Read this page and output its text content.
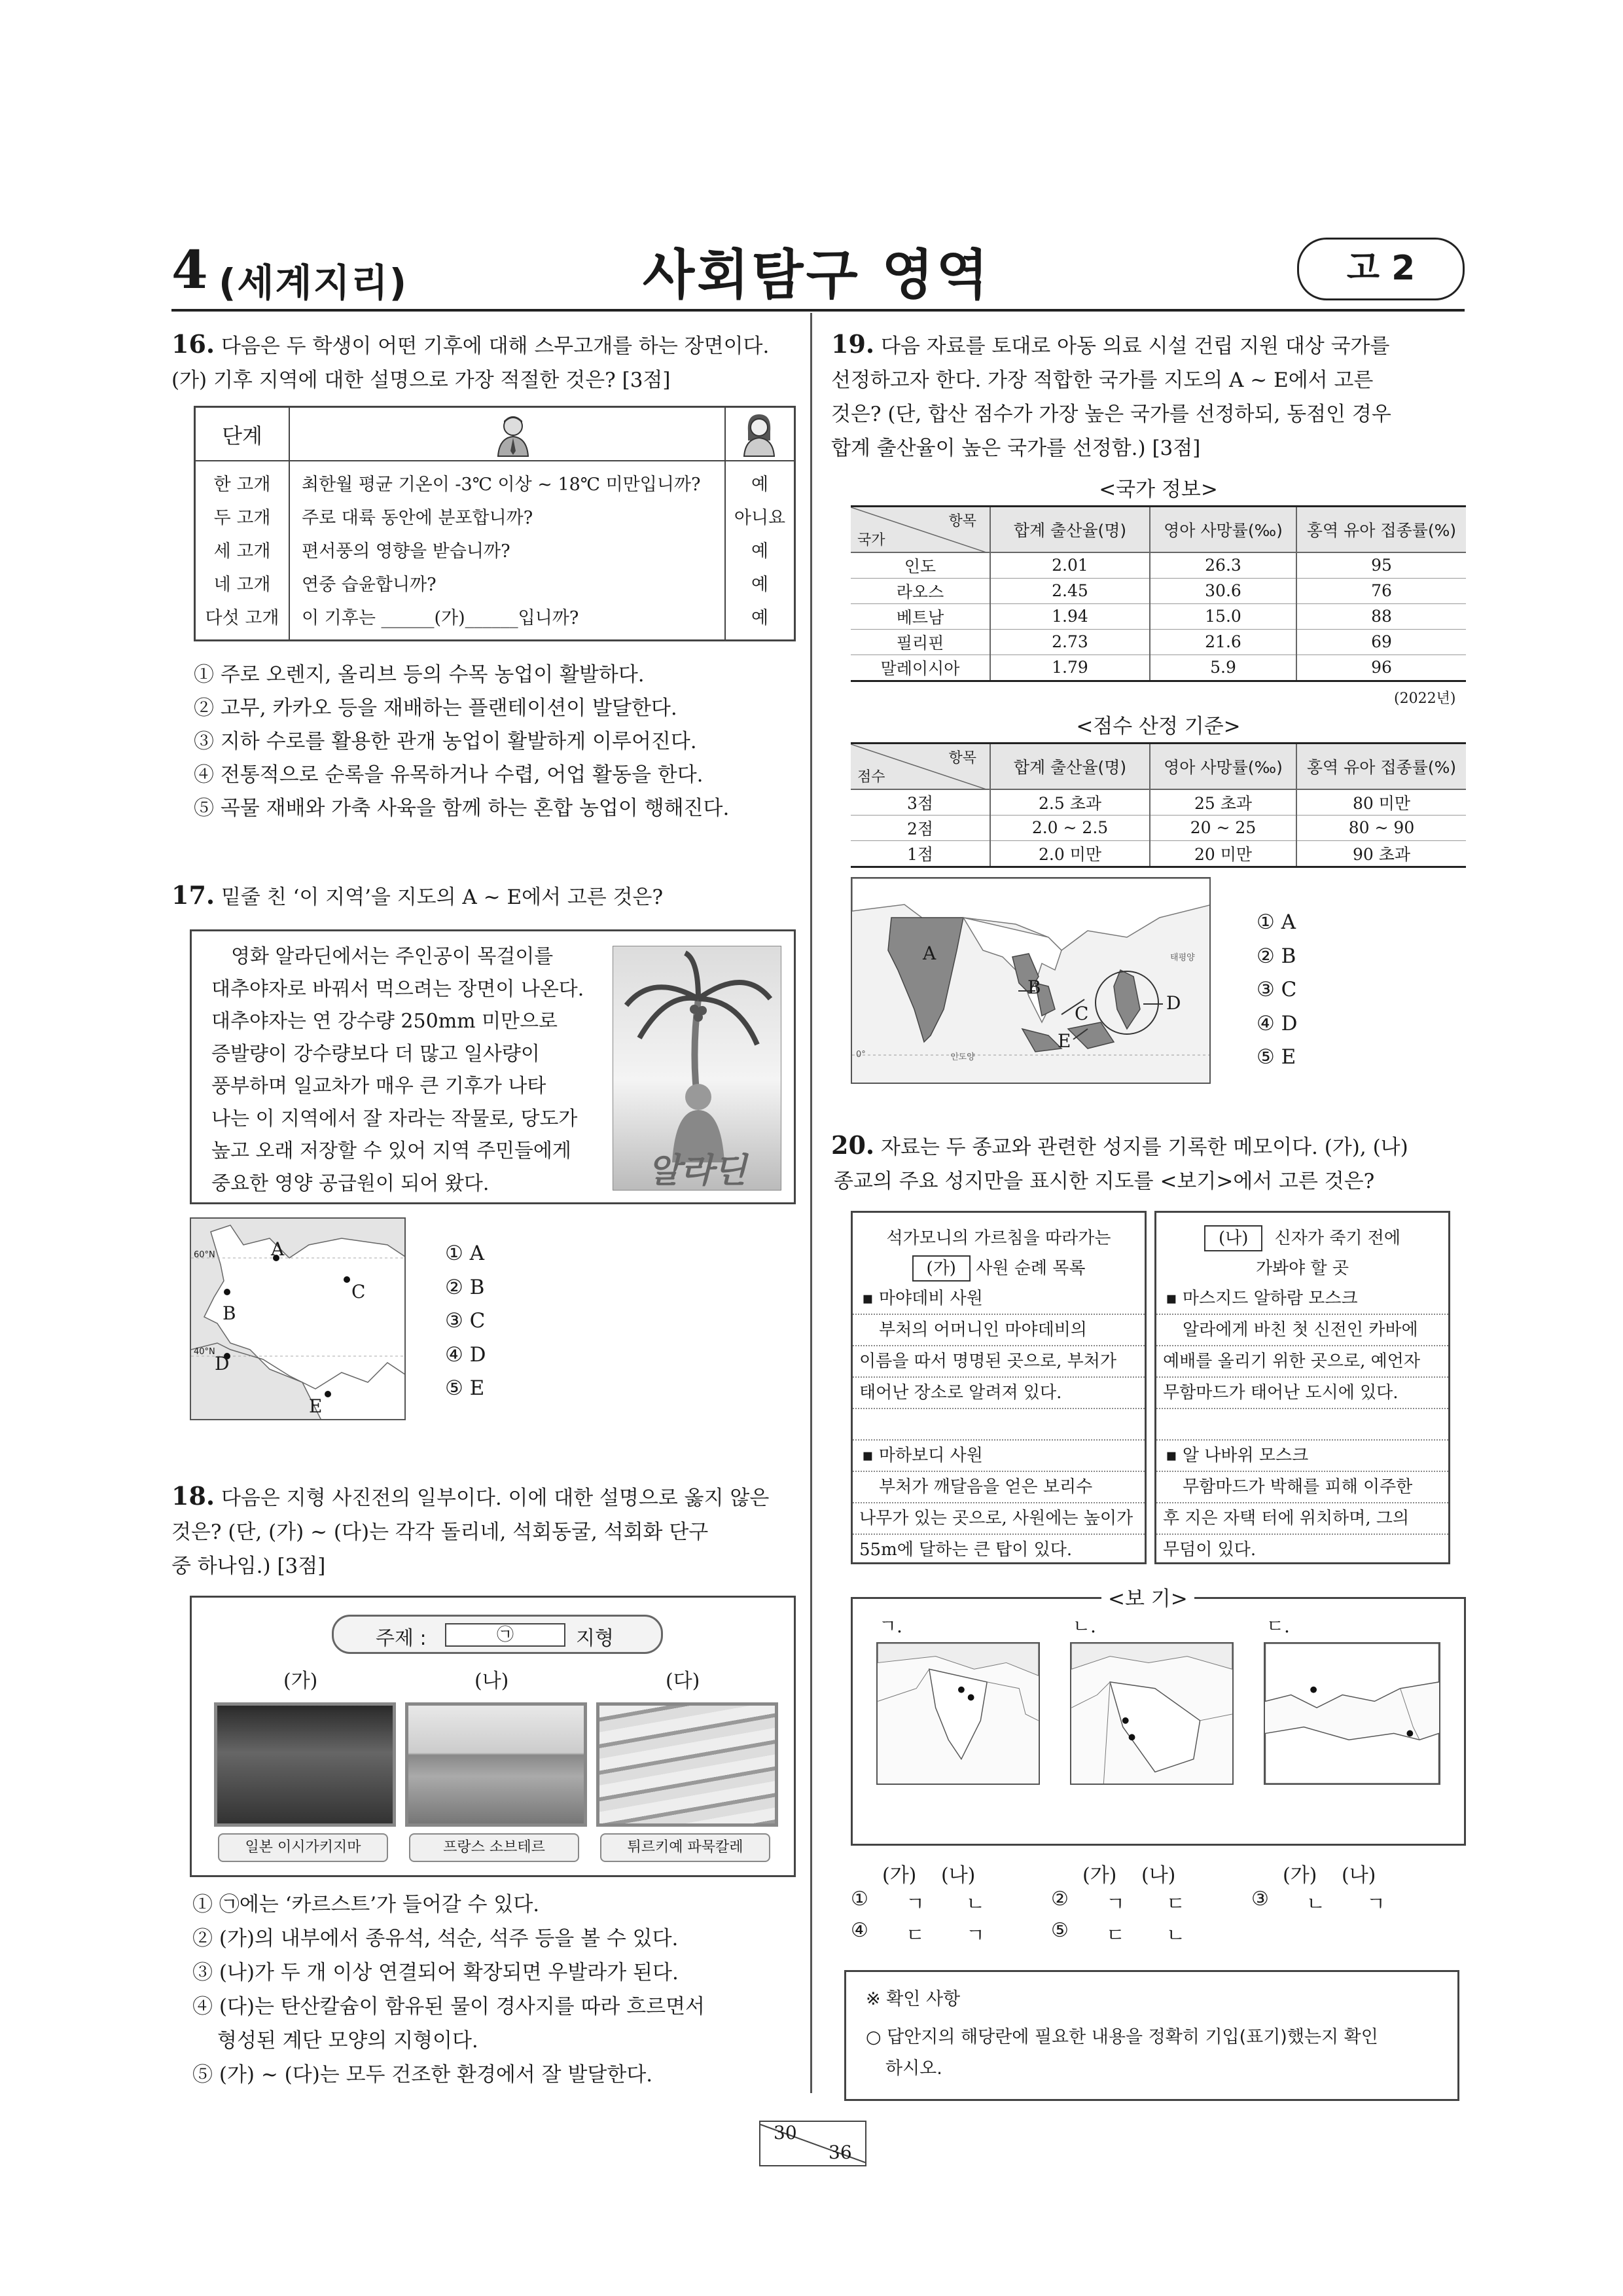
4 (세계지리)	사회탐구 영역	고 2
16. 다음은 두 학생이 어떤 기후에 대해 스무고개를 하는 장면이다.
(가) 기후 지역에 대한 설명으로 가장 적절한 것은? [3점]
단계
한 고개	최한월 평균 기온이 -3℃ 이상 ~ 18℃ 미만입니까?	예
두 고개	주로 대륙 동안에 분포합니까?	아니요
세 고개	편서풍의 영향을 받습니까?	예
네 고개	연중 습윤합니까?	예
다섯 고개	이 기후는 ______(가)______입니까?	예
① 주로 오렌지, 올리브 등의 수목 농업이 활발하다.
② 고무, 카카오 등을 재배하는 플랜테이션이 발달한다.
③ 지하 수로를 활용한 관개 농업이 활발하게 이루어진다.
④ 전통적으로 순록을 유목하거나 수렵, 어업 활동을 한다.
⑤ 곡물 재배와 가축 사육을 함께 하는 혼합 농업이 행해진다.
17. 밑줄 친 ‘이 지역’을 지도의 A ~ E에서 고른 것은?
영화 알라딘에서는 주인공이 목걸이를
대추야자로 바꿔서 먹으려는 장면이 나온다.
대추야자는 연 강수량 250mm 미만으로
증발량이 강수량보다 더 많고 일사량이
풍부하며 일교차가 매우 큰 기후가 나타
나는 이 지역에서 잘 자라는 작물로, 당도가
높고 오래 저장할 수 있어 지역 주민들에게
중요한 영양 공급원이 되어 왔다.	알라딘
A
C
B
D
E
60°N
40°N
① A
② B
③ C
④ D
⑤ E
18. 다음은 지형 사진전의 일부이다. 이에 대한 설명으로 옳지 않은
것은? (단, (가) ~ (다)는 각각 돌리네, 석회동굴, 석회화 단구
중 하나임.) [3점]
주제 :	㉠	지형
(가)	(나)	(다)
일본 이시가키지마	프랑스 소브테르	튀르키예 파묵칼레
① ㉠에는 ‘카르스트’가 들어갈 수 있다.
② (가)의 내부에서 종유석, 석순, 석주 등을 볼 수 있다.
③ (나)가 두 개 이상 연결되어 확장되면 우발라가 된다.
④ (다)는 탄산칼슘이 함유된 물이 경사지를 따라 흐르면서
형성된 계단 모양의 지형이다.
⑤ (가) ~ (다)는 모두 건조한 환경에서 잘 발달한다.
19. 다음 자료를 토대로 아동 의료 시설 건립 지원 대상 국가를
선정하고자 한다. 가장 적합한 국가를 지도의 A ~ E에서 고른
것은? (단, 합산 점수가 가장 높은 국가를 선정하되, 동점인 경우
합계 출산율이 높은 국가를 선정함.) [3점]
<국가 정보>
항목
국가	합계 출산율(명)	영아 사망률(‰)	홍역 유아 접종률(%)
인도	2.01	26.3	95
라오스	2.45	30.6	76
베트남	1.94	15.0	88
필리핀	2.73	21.6	69
말레이시아	1.79	5.9	96
(2022년)
<점수 산정 기준>
항목
점수	합계 출산율(명)	영아 사망률(‰)	홍역 유아 접종률(%)
3점	2.5 초과	25 초과	80 미만
2점	2.0 ~ 2.5	20 ~ 25	80 ~ 90
1점	2.0 미만	20 미만	90 초과
A
B
C	D
E
태평양
인도양
0°
① A
② B
③ C
④ D
⑤ E
20. 자료는 두 종교와 관련한 성지를 기록한 메모이다. (가), (나)
종교의 주요 성지만을 표시한 지도를 <보기>에서 고른 것은?
석가모니의 가르침을 따라가는
(가) 사원 순례 목록
▪ 마야데비 사원
부처의 어머니인 마야데비의
이름을 따서 명명된 곳으로, 부처가
태어난 장소로 알려져 있다.
▪ 마하보디 사원
부처가 깨달음을 얻은 보리수
나무가 있는 곳으로, 사원에는 높이가
55m에 달하는 큰 탑이 있다.
(나) 신자가 죽기 전에
가봐야 할 곳
▪ 마스지드 알하람 모스크
알라에게 바친 첫 신전인 카바에
예배를 올리기 위한 곳으로, 예언자
무함마드가 태어난 도시에 있다.
▪ 알 나바위 모스크
무함마드가 박해를 피해 이주한
후 지은 자택 터에 위치하며, 그의
무덤이 있다.
<보 기>
ㄱ.	ㄴ.	ㄷ.
(가) (나)	(가) (나)	(가) (나)
① ㄱ ㄴ	② ㄱ ㄷ	③ ㄴ ㄱ
④ ㄷ ㄱ	⑤ ㄷ ㄴ
※ 확인 사항
○ 답안지의 해당란에 필요한 내용을 정확히 기입(표기)했는지 확인
하시오.
30
36
